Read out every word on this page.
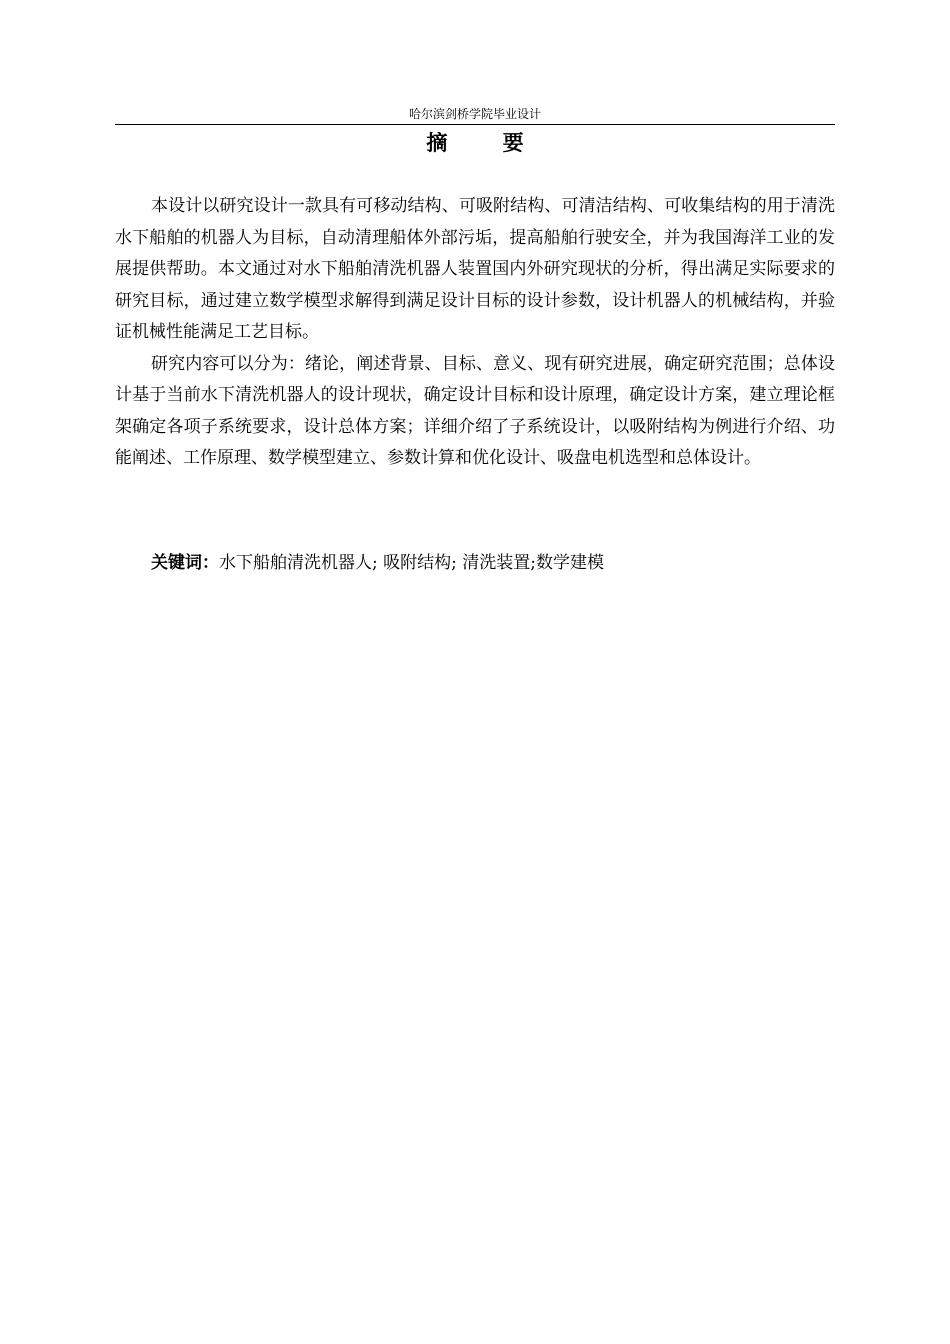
哈尔滨剑桥学院毕业设计
摘 要

本设计以研究设计一款具有可移动结构、可吸附结构、可清洁结构、可收集结构的用于清洗水下船舶的机器人为目标，自动清理船体外部污垢，提高船舶行驶安全，并为我国海洋工业的发展提供帮助。本文通过对水下船舶清洗机器人装置国内外研究现状的分析，得出满足实际要求的研究目标，通过建立数学模型求解得到满足设计目标的设计参数，设计机器人的机械结构，并验证机械性能满足工艺目标。

研究内容可以分为：绪论，阐述背景、目标、意义、现有研究进展，确定研究范围；总体设计基于当前水下清洗机器人的设计现状，确定设计目标和设计原理，确定设计方案，建立理论框架确定各项子系统要求，设计总体方案；详细介绍了子系统设计，以吸附结构为例进行介绍、功能阐述、工作原理、数学模型建立、参数计算和优化设计、吸盘电机选型和总体设计。

关键词：水下船舶清洗机器人; 吸附结构; 清洗装置;数学建模
